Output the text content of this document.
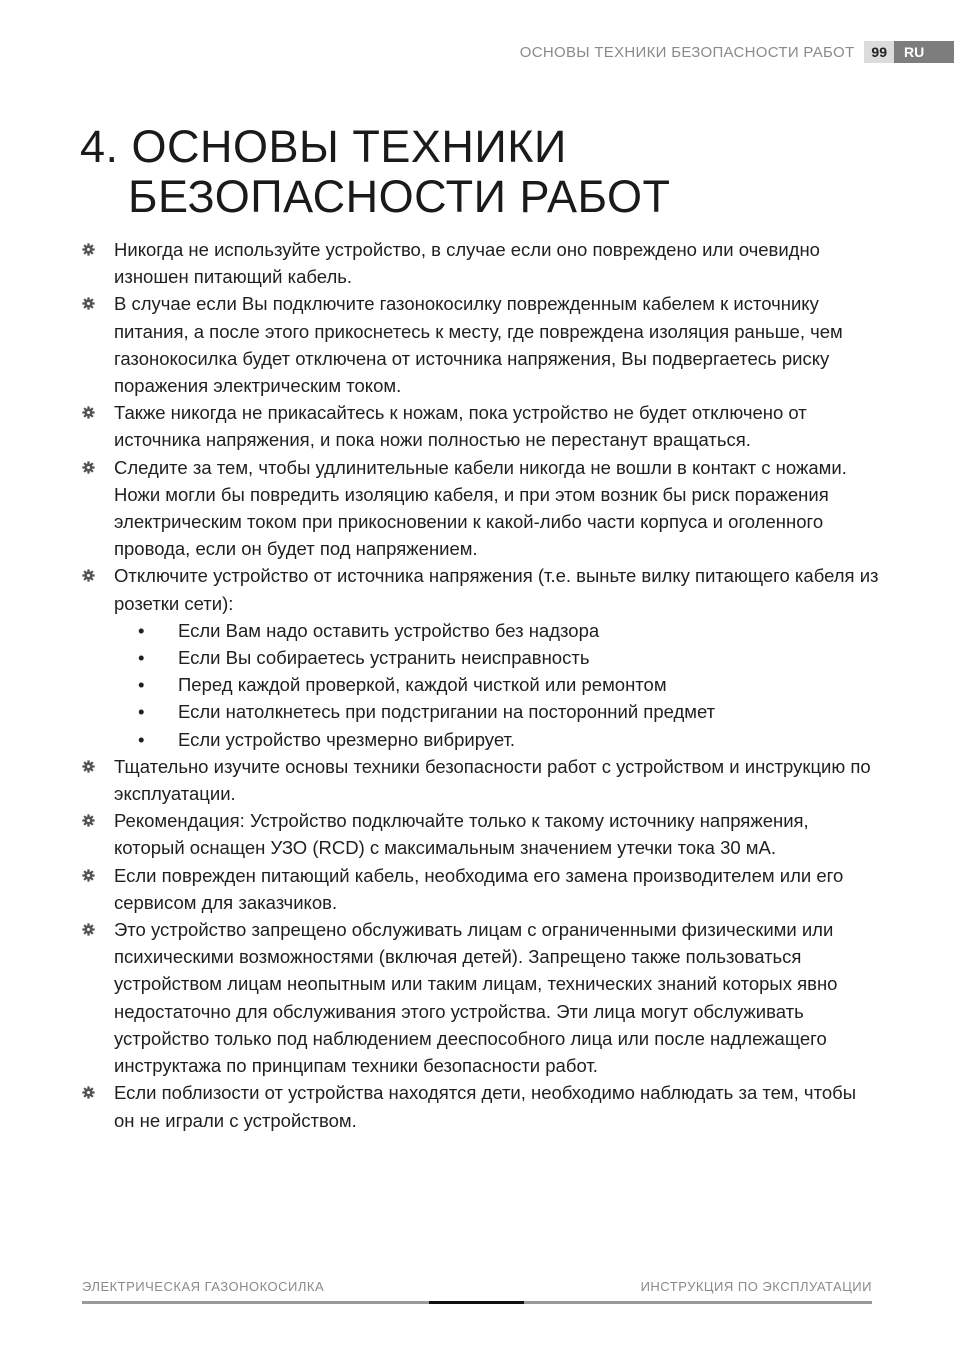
ОСНОВЫ ТЕХНИКИ БЕЗОПАСНОСТИ РАБОТ	99	RU
4. ОСНОВЫ ТЕХНИКИ
БЕЗОПАСНОСТИ РАБОТ
Никогда не используйте устройство, в случае если оно повреждено или очевидно изношен питающий кабель.
В случае если Вы подключите газонокосилку поврежденным кабелем к источнику питания, а после этого прикоснетесь к месту, где повреждена изоляция раньше, чем газонокосилка будет отключена от источника напряжения, Вы подвергаетесь риску поражения электрическим током.
Также никогда не прикасайтесь к ножам, пока устройство не будет отключено от источника напряжения, и пока ножи полностью не перестанут вращаться.
Следите за тем, чтобы удлинительные кабели никогда не вошли в контакт с ножами. Ножи могли бы повредить изоляцию кабеля, и при этом возник бы риск поражения электрическим током при прикосновении к какой-либо части корпуса и оголенного провода, если он будет под напряжением.
Отключите устройство от источника напряжения (т.е. выньте вилку питающего кабеля из розетки сети):
• Если Вам надо оставить устройство без надзора
• Если Вы собираетесь устранить неисправность
• Перед каждой проверкой, каждой чисткой или ремонтом
• Если натолкнетесь при подстригании на посторонний предмет
• Если устройство чрезмерно вибрирует.
Тщательно изучите основы техники безопасности работ с устройством и инструкцию по эксплуатации.
Рекомендация: Устройство подключайте только к такому источнику напряжения, который оснащен УЗО (RCD) с максимальным значением утечки тока 30 мА.
Если поврежден питающий кабель, необходима его замена производителем или его сервисом для заказчиков.
Это устройство запрещено обслуживать лицам с ограниченными физическими или психическими возможностями (включая детей). Запрещено также пользоваться устройством лицам неопытным или таким лицам, технических знаний которых явно недостаточно для обслуживания этого устройства. Эти лица могут обслуживать устройство только под наблюдением дееспособного лица или после надлежащего инструктажа по принципам техники безопасности работ.
Если поблизости от устройства находятся дети, необходимо наблюдать за тем, чтобы он не играли с устройством.
ЭЛЕКТРИЧЕСКАЯ ГАЗОНОКОСИЛКА	ИНСТРУКЦИЯ ПО ЭКСПЛУАТАЦИИ
